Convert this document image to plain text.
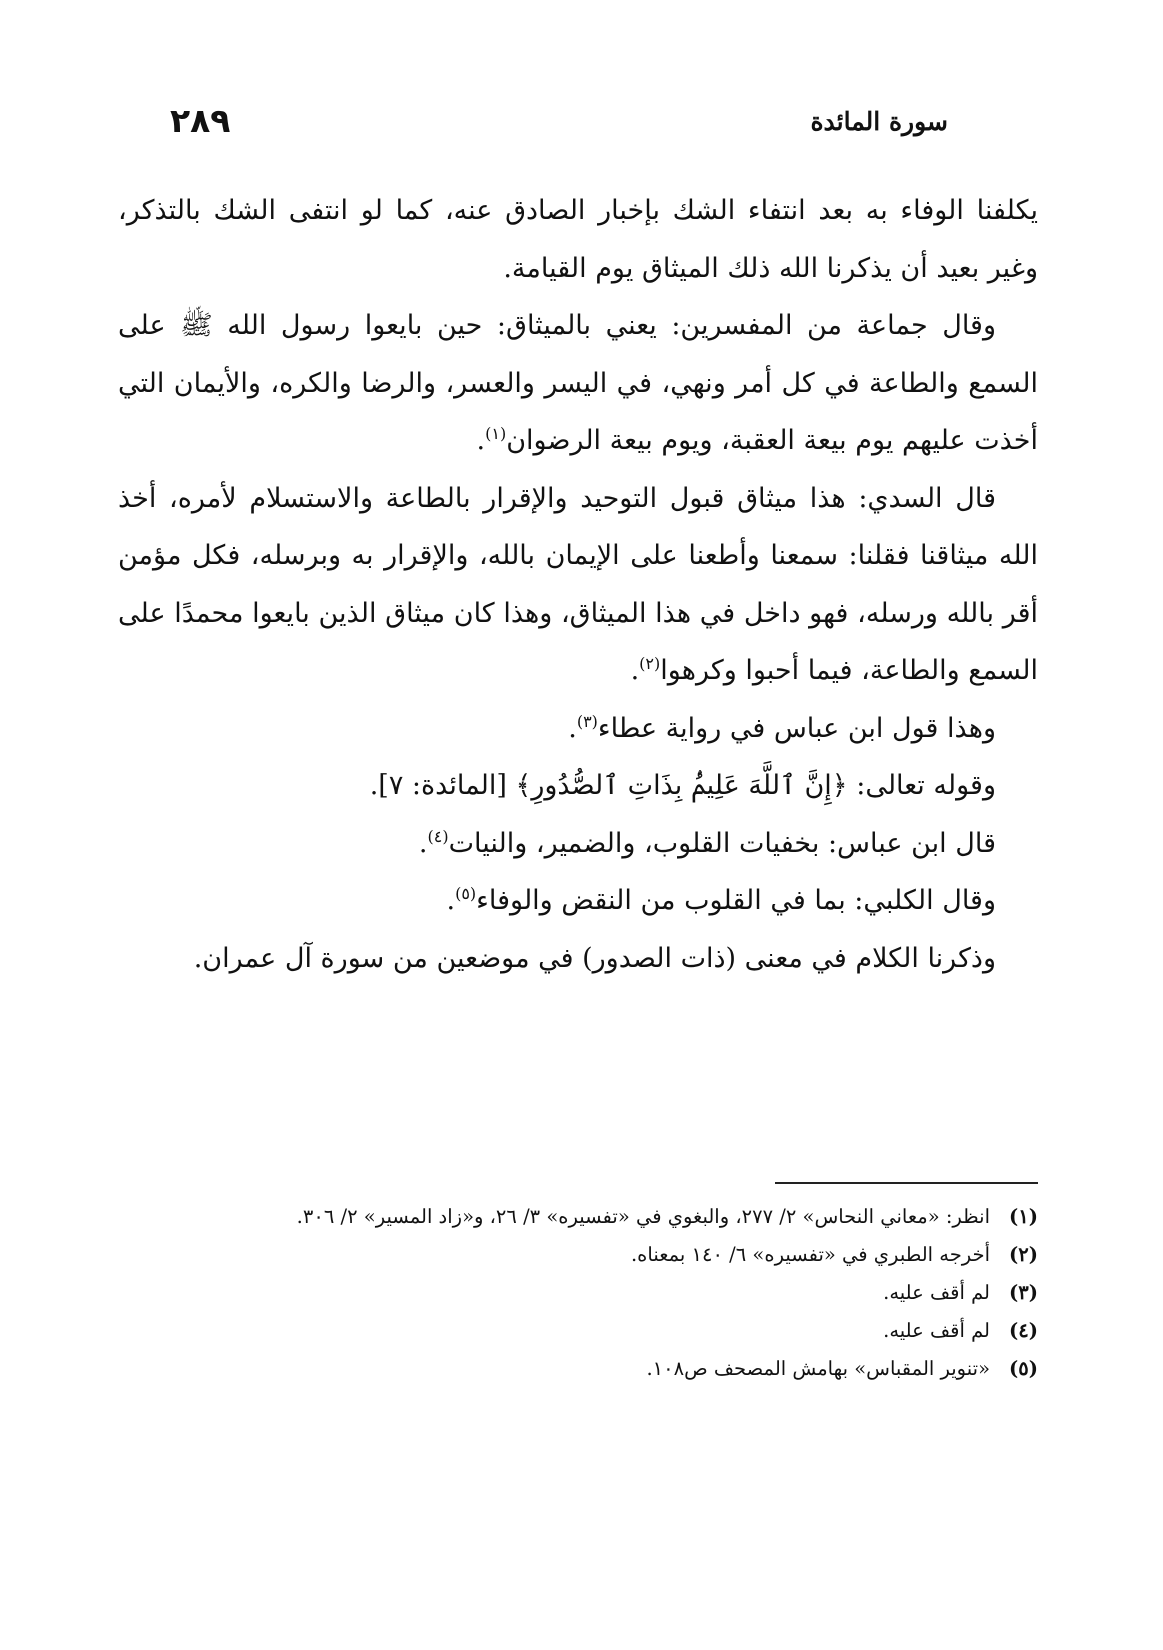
سورة المائدة
٢٨٩

يكلفنا الوفاء به بعد انتفاء الشك بإخبار الصادق عنه، كما لو انتفى الشك بالتذكر، وغير بعيد أن يذكرنا الله ذلك الميثاق يوم القيامة.

وقال جماعة من المفسرين: يعني بالميثاق: حين بايعوا رسول الله ﷺ على السمع والطاعة في كل أمر ونهي، في اليسر والعسر، والرضا والكره، والأيمان التي أخذت عليهم يوم بيعة العقبة، ويوم بيعة الرضوان$^{(١)}$.

قال السدي: هذا ميثاق قبول التوحيد والإقرار بالطاعة والاستسلام لأمره، أخذ الله ميثاقنا فقلنا: سمعنا وأطعنا على الإيمان بالله، والإقرار به وبرسله، فكل مؤمن أقر بالله ورسله، فهو داخل في هذا الميثاق، وهذا كان ميثاق الذين بايعوا محمدًا على السمع والطاعة، فيما أحبوا وكرهوا$^{(٢)}$.

وهذا قول ابن عباس في رواية عطاء$^{(٣)}$.

وقوله تعالى: ﴿إِنَّ ٱللَّهَ عَلِيمُۢ بِذَاتِ ٱلصُّدُورِ﴾ [المائدة: ٧].

قال ابن عباس: بخفيات القلوب، والضمير، والنيات$^{(٤)}$.

وقال الكلبي: بما في القلوب من النقض والوفاء$^{(٥)}$.

وذكرنا الكلام في معنى (ذات الصدور) في موضعين من سورة آل عمران.

(١)
انظر: «معاني النحاس» ٢/ ٢٧٧، والبغوي في «تفسيره» ٣/ ٢٦، و«زاد المسير» ٢/ ٣٠٦.
(٢)
أخرجه الطبري في «تفسيره» ٦/ ١٤٠ بمعناه.
(٣)
لم أقف عليه.
(٤)
لم أقف عليه.
(٥)
«تنوير المقباس» بهامش المصحف ص١٠٨.
